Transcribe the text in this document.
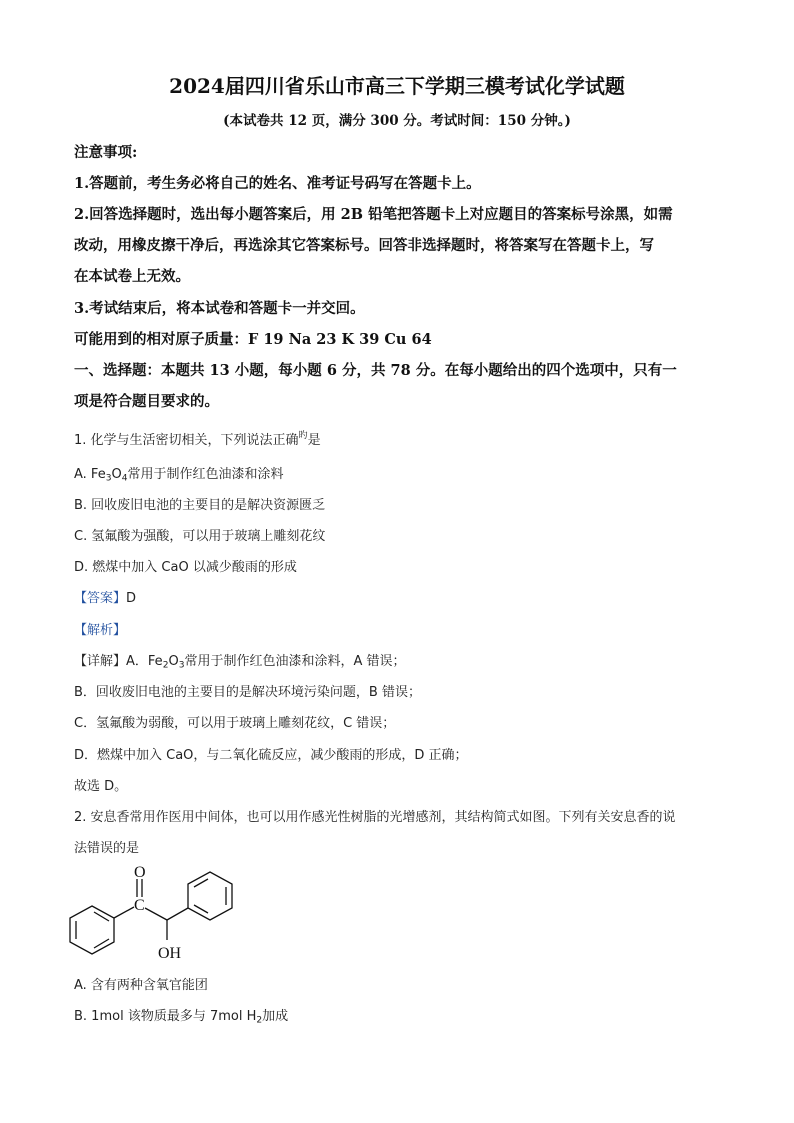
2024届四川省乐山市高三下学期三模考试化学试题
(本试卷共 12 页，满分 300 分。考试时间：150 分钟。)
注意事项:
1.答题前，考生务必将自己的姓名、准考证号码写在答题卡上。
2.回答选择题时，选出每小题答案后，用 2B 铅笔把答题卡上对应题目的答案标号涂黑，如需
改动，用橡皮擦干净后，再选涂其它答案标号。回答非选择题时，将答案写在答题卡上，写
在本试卷上无效。
3.考试结束后，将本试卷和答题卡一并交回。
可能用到的相对原子质量：F 19 Na 23 K 39 Cu 64
一、选择题：本题共 13 小题，每小题 6 分，共 78 分。在每小题给出的四个选项中，只有一
项是符合题目要求的。
1. 化学与生活密切相关，下列说法正确$^旳$是
A. $Fe_3O_4$常用于制作红色油漆和涂料
B. 回收废旧电池的主要目的是解决资源匮乏
C. 氢氟酸为强酸，可以用于玻璃上雕刻花纹
D. 燃煤中加入 CaO 以减少酸雨的形成
【答案】D
【解析】
【详解】A．$Fe_2O_3$常用于制作红色油漆和涂料，A 错误；
B．回收废旧电池的主要目的是解决环境污染问题，B 错误；
C．氢氟酸为弱酸，可以用于玻璃上雕刻花纹，C 错误；
D．燃煤中加入 CaO，与二氧化硫反应，减少酸雨的形成，D 正确；
故选 D。
2. 安息香常用作医用中间体，也可以用作感光性树脂的光增感剂，其结构简式如图。下列有关安息香的说
法错误的是
O
C
OH
A. 含有两种含氧官能团
B. 1mol 该物质最多与 7mol $H_2$加成
